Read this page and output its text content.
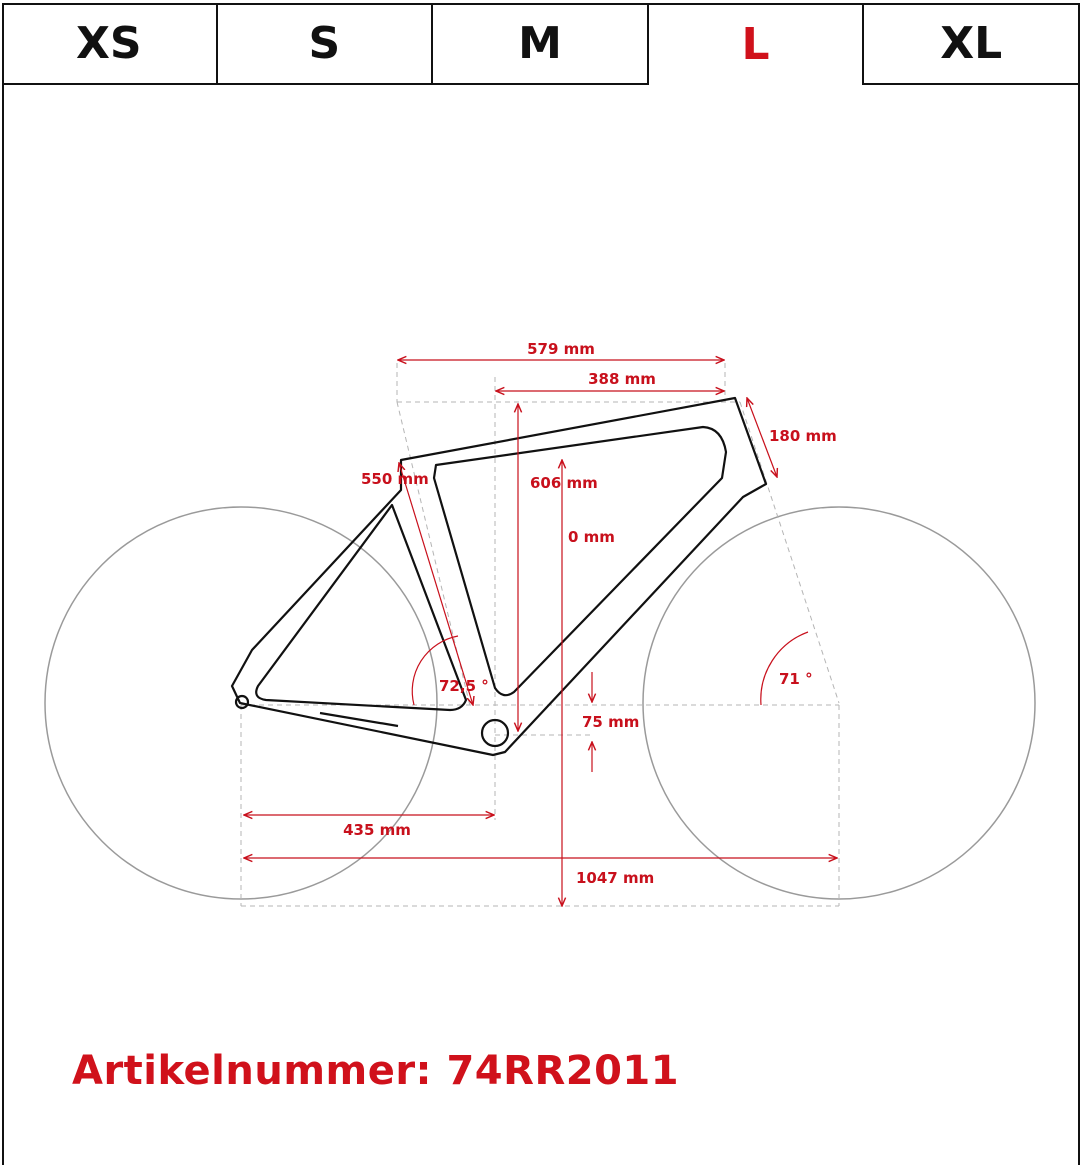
XS	S	M	L	XL
579 mm
388 mm
180 mm
550 mm	606 mm
0 mm
72,5 °	71 °
75 mm
435 mm
1047 mm
Artikelnummer: 74RR2011
